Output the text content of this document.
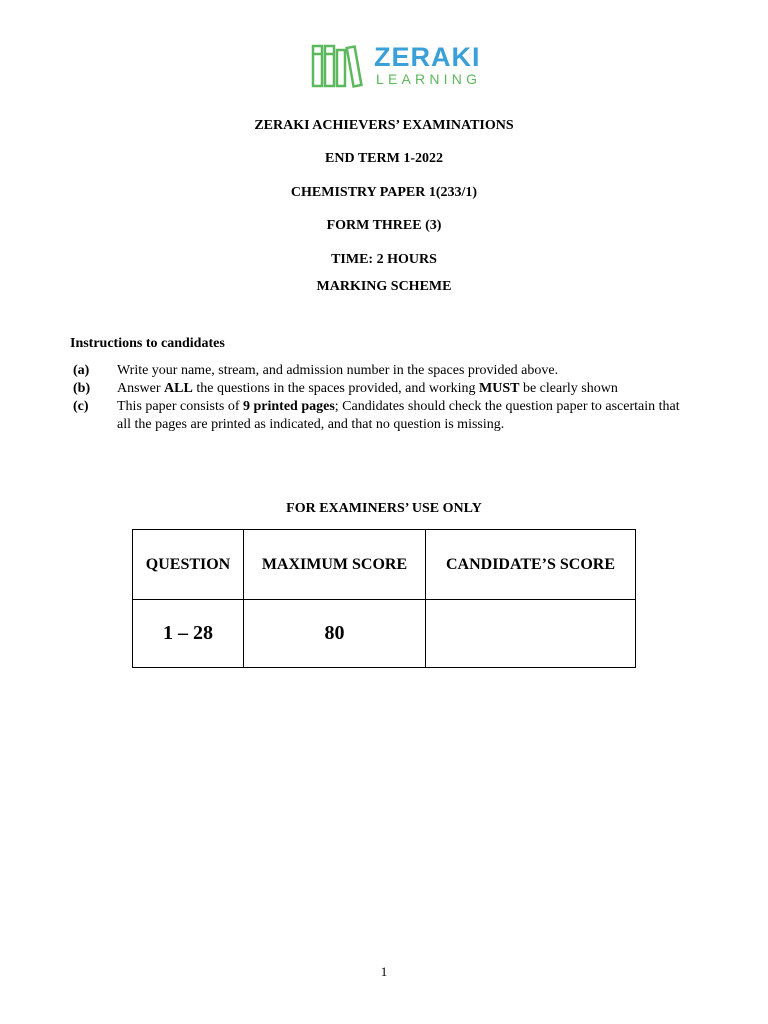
ZERAKI
LEARNING
ZERAKI ACHIEVERS’ EXAMINATIONS
END TERM 1-2022
CHEMISTRY PAPER 1(233/1)
FORM THREE (3)
TIME: 2 HOURS
MARKING SCHEME
Instructions to candidates
(a)	Write your name, stream, and admission number in the spaces provided above.
(b)	Answer ALL the questions in the spaces provided, and working MUST be clearly shown
(c)	This paper consists of 9 printed pages; Candidates should check the question paper to ascertain that all the pages are printed as indicated, and that no question is missing.
FOR EXAMINERS’ USE ONLY
QUESTION	MAXIMUM SCORE	CANDIDATE’S SCORE
1 – 28	80	
1
